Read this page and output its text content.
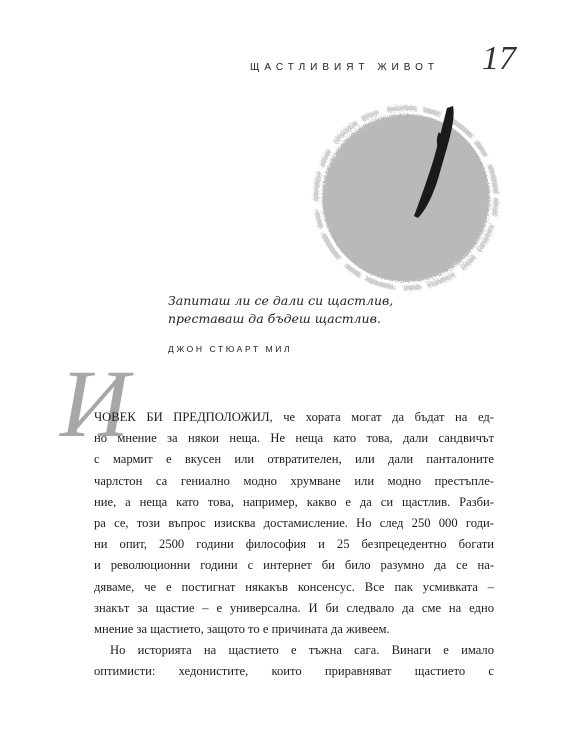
ЩАСТЛИВИЯТ ЖИВОТ	17
Запиташ ли се дали си щастлив,
преставаш да бъдеш щастлив.
ДЖОН СТЮАРТ МИЛ
И
ЧОВЕК БИ ПРЕДПОЛОЖИЛ, че хората могат да бъдат на ед-
но мнение за някои неща. Не неща като това, дали сандвичът
с мармит е вкусен или отвратителен, или дали панталоните
чарлстон са гениално модно хрумване или модно престъпле-
ние, а неща като това, например, какво е да си щастлив. Разби-
ра се, този въпрос изисква достамисление. Но след 250 000 годи-
ни опит, 2500 години философия и 25 безпрецедентно богати
и революционни години с интернет би било разумно да се на-
дяваме, че е постигнат някакъв консенсус. Все пак усмивката –
знакът за щастие – е универсална. И би следвало да сме на едно
мнение за щастието, защото то е причината да живеем.
Но историята на щастието е тъжна сага. Винаги е имало
оптимисти: хедонистите, които приравняват щастието с
